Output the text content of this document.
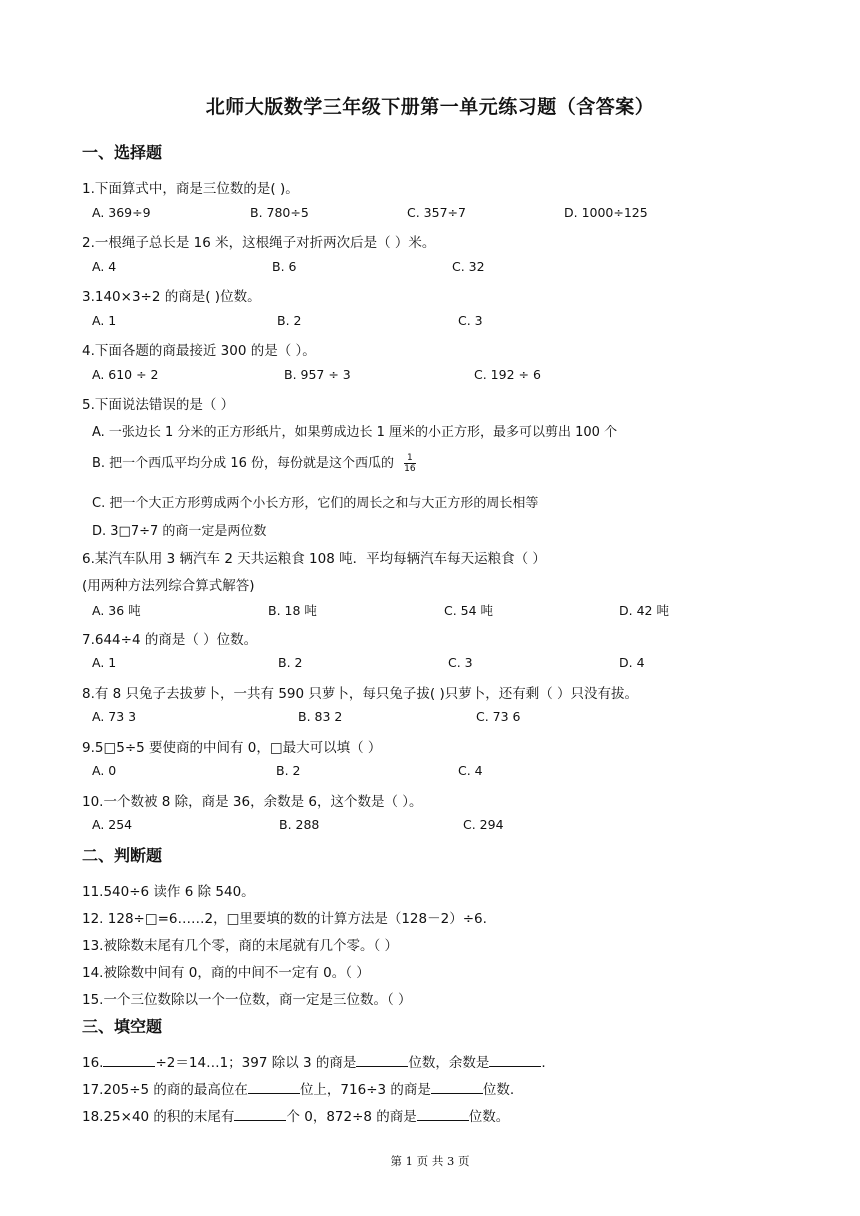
北师大版数学三年级下册第一单元练习题（含答案）
一、选择题
1.下面算式中，商是三位数的是( )。
A. 369÷9	B. 780÷5	C. 357÷7	D. 1000÷125
2.一根绳子总长是 16 米，这根绳子对折两次后是（ ）米。
A. 4	B. 6	C. 32
3.140×3÷2 的商是( )位数。
A. 1	B. 2	C. 3
4.下面各题的商最接近 300 的是（ ）。
A. 610 ÷ 2	B. 957 ÷ 3	C. 192 ÷ 6
5.下面说法错误的是（ ）
A. 一张边长 1 分米的正方形纸片，如果剪成边长 1 厘米的小正方形，最多可以剪出 100 个
B. 把一个西瓜平均分成 16 份，每份就是这个西瓜的 $\frac{1}{16}$
C. 把一个大正方形剪成两个小长方形，它们的周长之和与大正方形的周长相等
D. 3□7÷7 的商一定是两位数
6.某汽车队用 3 辆汽车 2 天共运粮食 108 吨．平均每辆汽车每天运粮食（ ）
(用两种方法列综合算式解答)
A. 36 吨	B. 18 吨	C. 54 吨	D. 42 吨
7.644÷4 的商是（ ）位数。
A. 1	B. 2	C. 3	D. 4
8.有 8 只兔子去拔萝卜，一共有 590 只萝卜，每只兔子拔( )只萝卜，还有剩（ ）只没有拔。
A. 73 3	B. 83 2	C. 73 6
9.5□5÷5 要使商的中间有 0，□最大可以填（ ）
A. 0	B. 2	C. 4
10.一个数被 8 除，商是 36，余数是 6，这个数是（ ）。
A. 254	B. 288	C. 294
二、判断题
11.540÷6 读作 6 除 540。
12. 128÷□=6……2，□里要填的数的计算方法是（128－2）÷6.
13.被除数末尾有几个零，商的末尾就有几个零。（ ）
14.被除数中间有 0，商的中间不一定有 0。（ ）
15.一个三位数除以一个一位数，商一定是三位数。（ ）
三、填空题
16.	÷2＝14…1；397 除以 3 的商是	位数，余数是	.
17.205÷5 的商的最高位在	位上，716÷3 的商是	位数.
18.25×40 的积的末尾有	个 0，872÷8 的商是	位数。
第 1 页 共 3 页
